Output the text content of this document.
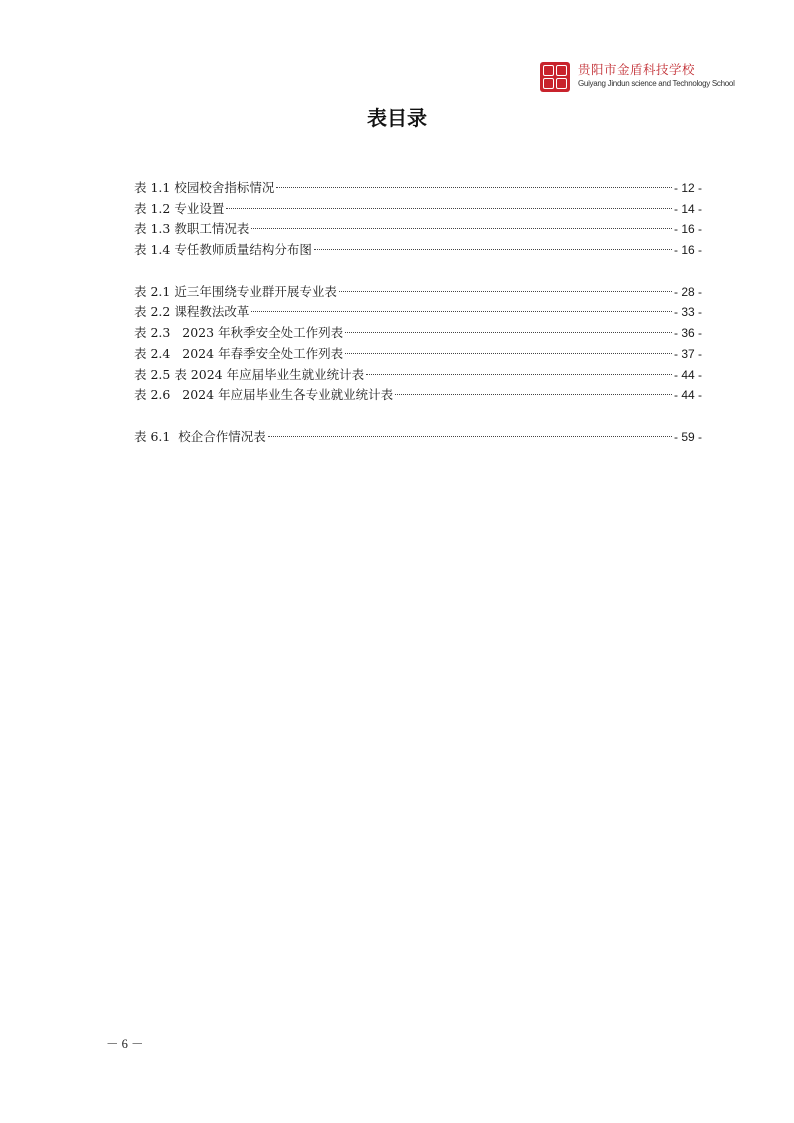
贵阳市金盾科技学校
Guiyang Jindun science and Technology School
表目录
表 1.1 校园校舍指标情况	- 12 -
表 1.2 专业设置	- 14 -
表 1.3 教职工情况表	- 16 -
表 1.4 专任教师质量结构分布图	- 16 -
表 2.1 近三年围绕专业群开展专业表	- 28 -
表 2.2 课程教法改革	- 33 -
表 2.3 2023 年秋季安全处工作列表	- 36 -
表 2.4 2024 年春季安全处工作列表	- 37 -
表 2.5 表 2024 年应届毕业生就业统计表	- 44 -
表 2.6 2024 年应届毕业生各专业就业统计表	- 44 -
表 6.1 校企合作情况表	- 59 -
－ 6 －
